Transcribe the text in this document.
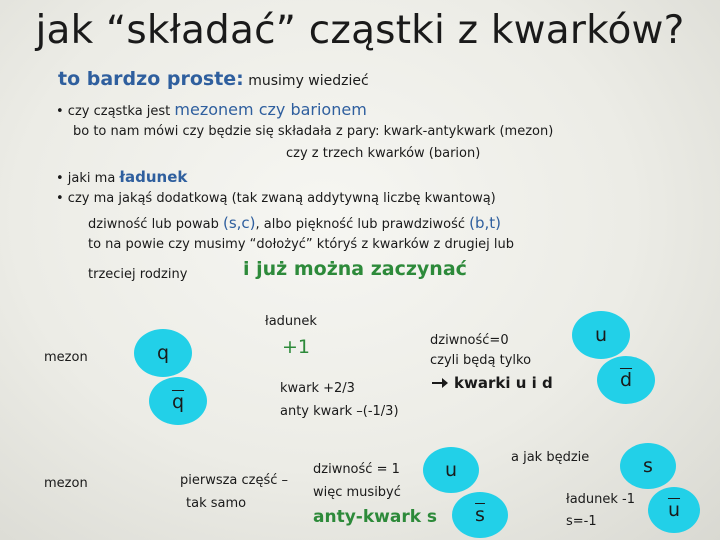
jak “składać” cząstki z kwarków?
to bardzo proste: musimy wiedzieć
• czy cząstka jest mezonem czy barionem
bo to nam mówi czy będzie się składała z pary: kwark-antykwark (mezon)
czy z trzech kwarków (barion)
• jaki ma ładunek
• czy ma jakąś dodatkową (tak zwaną addytywną liczbę kwantową)
dziwność lub powab (s,c), albo piękność lub prawdziwość (b,t)
to na powie czy musimy “dołożyć” któryś z kwarków z drugiej lub
trzeciej rodziny	i już można zaczynać
mezon
mezon
q
$\overline{q}$
ładunek
+1
kwark +2/3
anty kwark –(-1/3)
dziwność=0
czyli będą tylko
kwarki u i d
u
$\overline{d}$
pierwsza część –
tak samo
dziwność = 1
więc musibyć
anty-kwark s
u
$\overline{s}$
a jak będzie
ładunek -1
s=-1
s
$\overline{u}$
